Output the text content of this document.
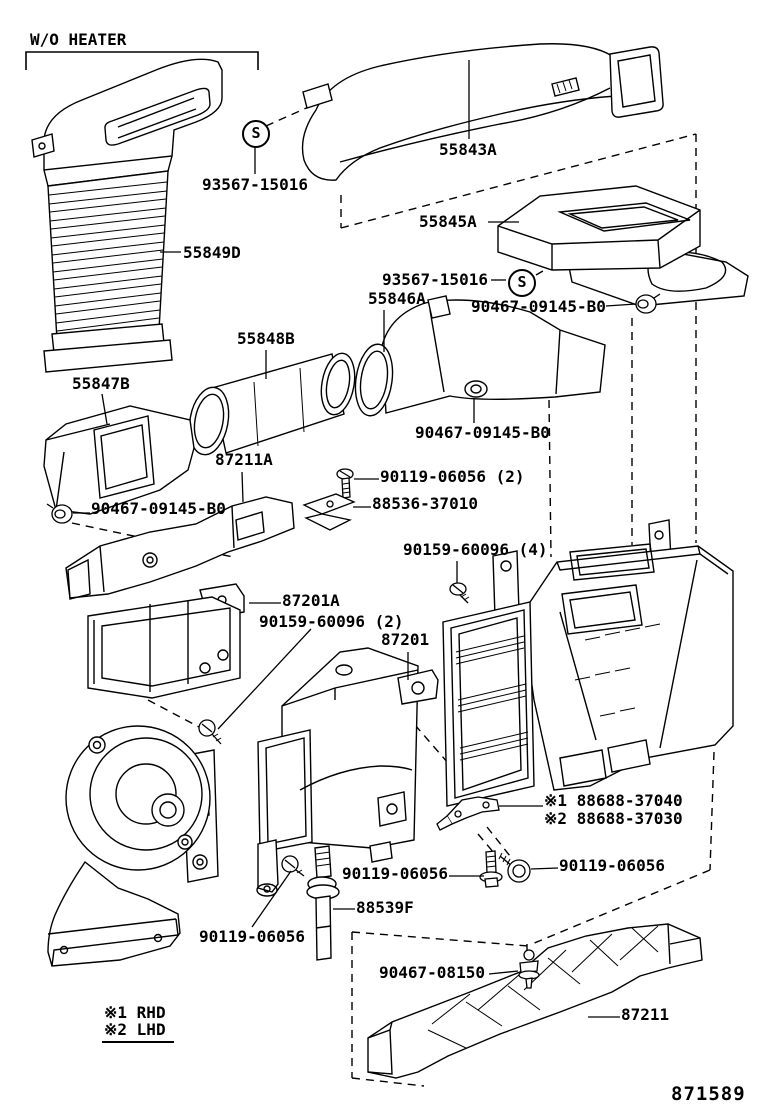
S
S
W/O HEATER
93567-15016
55843A
55849D
55845A
93567-15016
55846A	90467-09145-B0
55848B
55847B
90467-09145-B0
87211A
90119-06056 (2)
88536-37010
90467-09145-B0
90159-60096 (4)
87201A
90159-60096 (2)
87201
※1 88688-37040
※2 88688-37030
90119-06056
90119-06056
88539F
90119-06056
90467-08150
87211
※1 RHD
※2 LHD
871589
